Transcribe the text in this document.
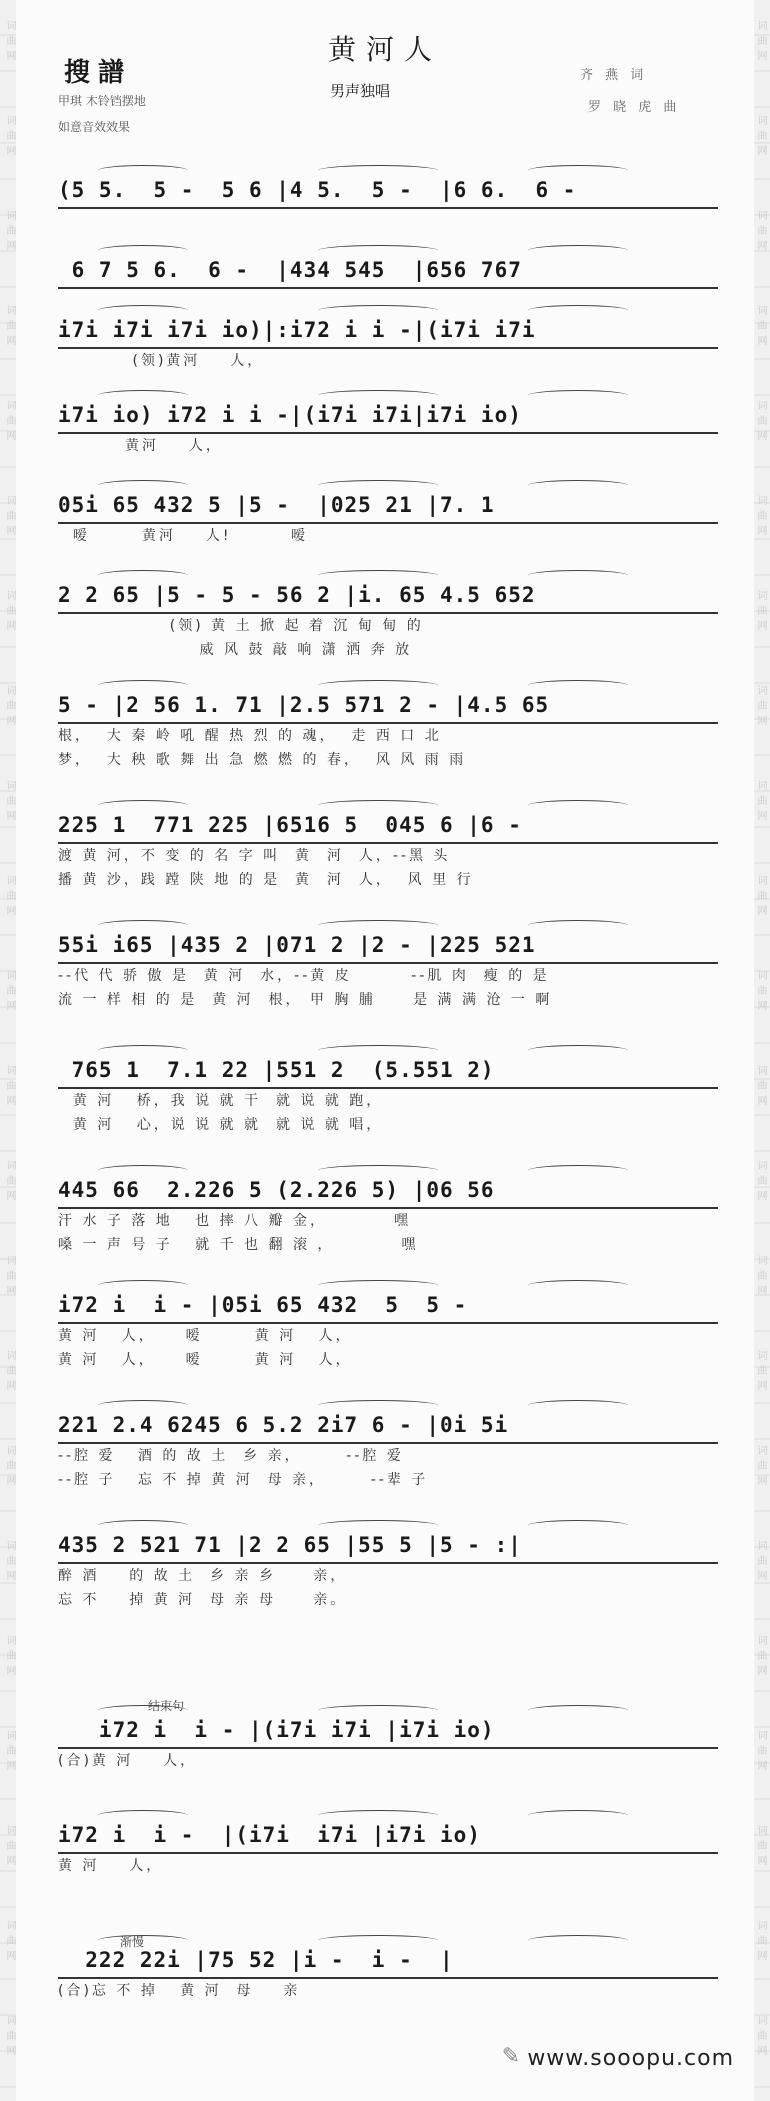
搜譜
黄河人
男声独唱
甲琪 木铃铛摆地
如意音效效果
齐 燕 词
罗 晓 虎 曲
(5 5.  5 -  5 6 |4 5.  5 -  |6 6.  6 -
6 7 5 6.  6 -  |434 545  |656 767
i7i i7i i7i io)|:i72 i i -|(i7i i7i
(领)黄河    人，
i7i io) i72 i i -|(i7i i7i|i7i io)
黄河    人，
05i 65 432 5 |5 -  |025 21 |7. 1
嗳       黄河    人!        嗳
2 2 65 |5 - 5 - 56 2 |i. 65 4.5 652
(领) 黄 土 掀 起 着 沉 甸 甸 的
威 风 鼓 敲 响 潇 洒 奔 放
5 - |2 56 1. 71 |2.5 571 2 - |4.5 65
根，  大 秦 岭 吼 醒 热 烈 的 魂，  走 西 口 北
梦，  大 秧 歌 舞 出 急 燃 燃 的 春，  风 风 雨 雨
225 1  771 225 |6516 5  045 6 |6 -
渡 黄 河，不 变 的 名 字 叫  黄  河  人，--黑 头
播 黄 沙，践 蹚 陕 地 的 是  黄  河  人，  风 里 行
55i i65 |435 2 |071 2 |2 - |225 521
--代 代 骄 傲 是  黄 河  水，--黄 皮        --肌 肉  瘦 的 是
流 一 样 相 的 是  黄 河  根， 甲 胸 脯     是 满 满 沧 一 啊
765 1  7.1 22 |551 2  (5.551 2)
黄 河   桥，我 说 就 干  就 说 就 跑，
黄 河   心，说 说 就 就  就 说 就 唱，
445 66  2.226 5 (2.226 5) |06 56
汗 水 子 落 地   也 摔 八 瓣 金，         嘿
嗓 一 声 号 子   就 千 也 翻 滚 ，         嘿
i72 i  i - |05i 65 432  5  5 -
黄 河   人，    嗳       黄 河   人，
黄 河   人，    嗳       黄 河   人，
221 2.4 6245 6 5.2 2i7 6 - |0i 5i
--腔 爱   酒 的 故 土  乡 亲，      --腔 爱
--腔 子   忘 不 掉 黄 河  母 亲，      --辈 子
435 2 521 71 |2 2 65 |55 5 |5 - :|
醉 酒    的 故 土  乡 亲 乡     亲，
忘 不    掉 黄 河  母 亲 母     亲。
i72 i  i - |(i7i i7i |i7i io)
(合)黄 河    人，
i72 i  i -  |(i7i  i7i |i7i io)
黄 河    人，
222 22i |75 52 |i -  i -  |
(合)忘 不 掉   黄 河  母    亲
结束句
渐慢
✎ www.sooopu.com
词 曲 网
词 曲 网
词 曲 网
词 曲 网
词 曲 网
词 曲 网
词 曲 网
词 曲 网
词 曲 网
词 曲 网
词 曲 网
词 曲 网
词 曲 网
词 曲 网
词 曲 网
词 曲 网
词 曲 网
词 曲 网
词 曲 网
词 曲 网
词 曲 网
词 曲 网
词 曲 网
词 曲 网
词 曲 网
词 曲 网
词 曲 网
词 曲 网
词 曲 网
词 曲 网
词 曲 网
词 曲 网
词 曲 网
词 曲 网
词 曲 网
词 曲 网
词 曲 网
词 曲 网
词 曲 网
词 曲 网
词 曲 网
词 曲 网
词 曲 网
词 曲 网
